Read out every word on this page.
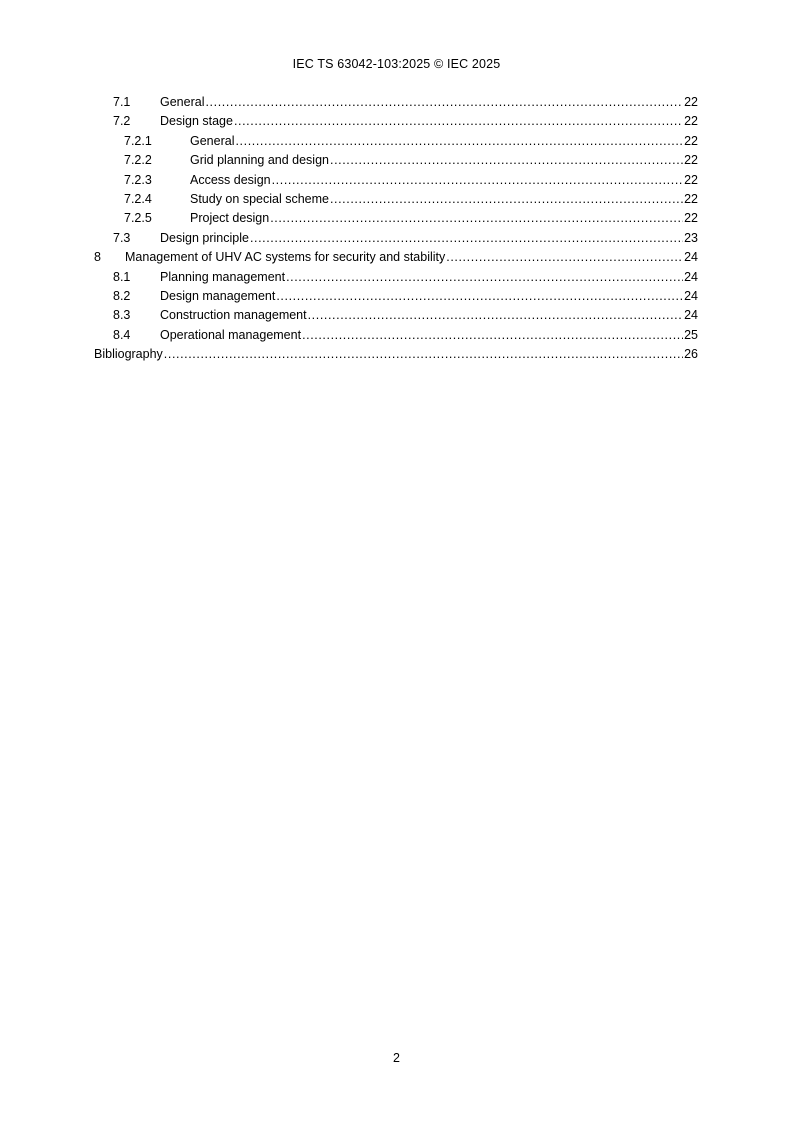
IEC TS 63042-103:2025 © IEC 2025
7.1 General .....	22
7.2 Design stage .....	22
7.2.1	General .....	22
7.2.2	Grid planning and design .....	22
7.2.3	Access design .....	22
7.2.4	Study on special scheme .....	22
7.2.5	Project design .....	22
7.3 Design principle .....	23
8 Management of UHV AC systems for security and stability .....	24
8.1 Planning management .....	24
8.2 Design management .....	24
8.3 Construction management .....	24
8.4 Operational management .....	25
Bibliography .....	26
2
